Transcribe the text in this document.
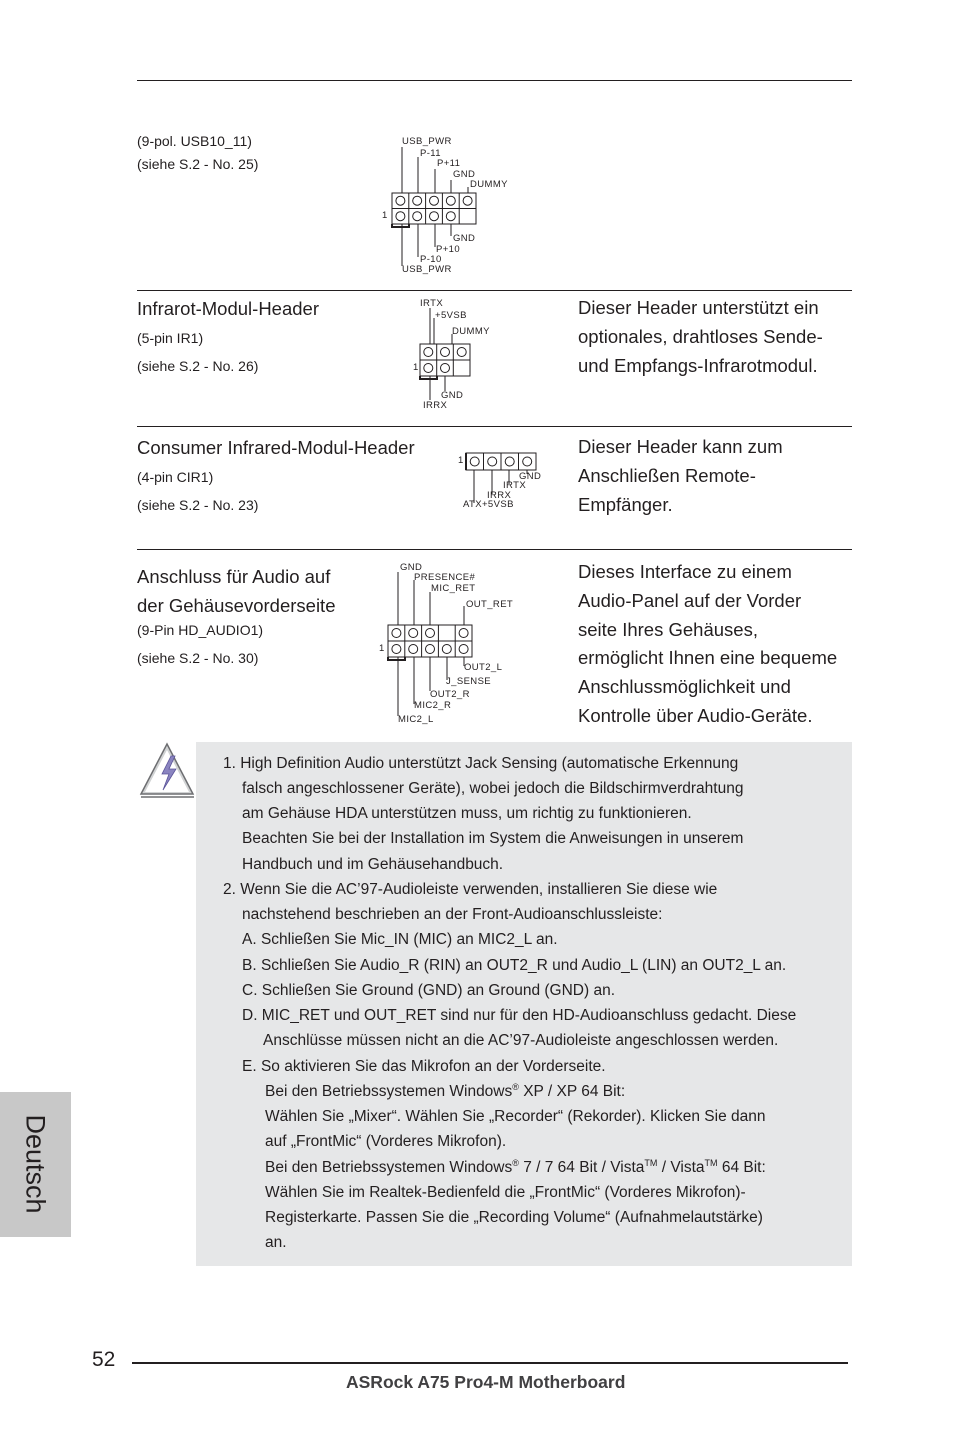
(9-pol. USB10_11)
(siehe S.2 - No. 25)
USB_PWR
P-11
P+11
GND
DUMMY
1
GND
P+10
P-10
USB_PWR
Infrarot-Modul-Header
(5-pin IR1)
(siehe S.2 - No. 26)
IRTX
+5VSB
DUMMY
1
GND
IRRX
Dieser Header unterstützt ein
optionales, drahtloses Sende-
und Empfangs-Infrarotmodul.
Consumer Infrared-Modul-Header
(4-pin CIR1)
(siehe S.2 - No. 23)
1
GND
IRTX
IRRX
ATX+5VSB
Dieser Header kann zum
Anschließen Remote-
Empfänger.
Anschluss für Audio auf
der Gehäusevorderseite
(9-Pin HD_AUDIO1)
(siehe S.2 - No. 30)
GND
PRESENCE#
MIC_RET
OUT_RET
1
OUT2_L
J_SENSE
OUT2_R
MIC2_R
MIC2_L
Dieses Interface zu einem
Audio-Panel auf der Vorder
seite Ihres Gehäuses,
ermöglicht Ihnen eine bequeme
Anschlussmöglichkeit und
Kontrolle über Audio-Geräte.
1. High Definition Audio unterstützt Jack Sensing (automatische Erkennung
falsch angeschlossener Geräte), wobei jedoch die Bildschirmverdrahtung
am Gehäuse HDA unterstützen muss, um richtig zu funktionieren.
Beachten Sie bei der Installation im System die Anweisungen in unserem
Handbuch und im Gehäusehandbuch.
2. Wenn Sie die AC’97-Audioleiste verwenden, installieren Sie diese wie
nachstehend beschrieben an der Front-Audioanschlussleiste:
A. Schließen Sie Mic_IN (MIC) an MIC2_L an.
B. Schließen Sie Audio_R (RIN) an OUT2_R und Audio_L (LIN) an OUT2_L an.
C. Schließen Sie Ground (GND) an Ground (GND) an.
D. MIC_RET und OUT_RET sind nur für den HD-Audioanschluss gedacht. Diese
Anschlüsse müssen nicht an die AC’97-Audioleiste angeschlossen werden.
E. So aktivieren Sie das Mikrofon an der Vorderseite.
Bei den Betriebssystemen Windows® XP / XP 64 Bit:
Wählen Sie „Mixer“. Wählen Sie „Recorder“ (Rekorder). Klicken Sie dann
auf „FrontMic“ (Vorderes Mikrofon).
Bei den Betriebssystemen Windows® 7 / 7 64 Bit / Vista™ / Vista™ 64 Bit:
Wählen Sie im Realtek-Bedienfeld die „FrontMic“ (Vorderes Mikrofon)-
Registerkarte. Passen Sie die „Recording Volume“ (Aufnahmelautstärke)
an.
Deutsch
52
ASRock A75 Pro4-M Motherboard
